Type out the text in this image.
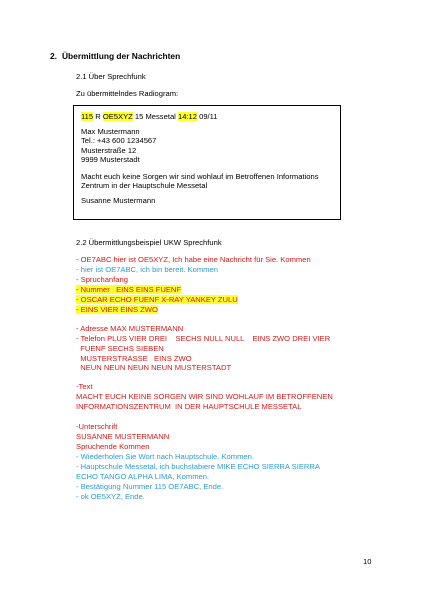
2. Übermittlung der Nachrichten
2.1 Über Sprechfunk
Zu übermittelndes Radiogram:
115 R OE5XYZ 15 Messetal 14:12 09/11
Max Mustermann
Tel.: +43 600 1234567
Musterstraße 12
9999 Musterstadt
Macht euch keine Sorgen wir sind wohlauf im Betroffenen Informations
Zentrum in der Hauptschule Messetal
Susanne Mustermann
2.2 Übermittlungsbeispiel UKW Sprechfunk
- OE7ABC hier ist OE5XYZ, Ich habe eine Nachricht für Sie. Kommen
- hier ist OE7ABC, ich bin bereit. Kommen
- Spruchanfang
- Nummer   EINS EINS FUENF
- OSCAR ECHO FUENF X-RAY YANKEY ZULU
- EINS VIER EINS ZWO
- Adresse MAX MUSTERMANN
- Telefon PLUS VIER DREI    SECHS NULL NULL    EINS ZWO DREI VIER
FUENF SECHS SIEBEN
MUSTERSTRASSE   EINS ZWO
NEUN NEUN NEUN NEUN MUSTERSTADT
-Text
MACHT EUCH KEINE SORGEN WIR SIND WOHLAUF IM BETROFFENEN
INFORMATIONSZENTRUM  IN DER HAUPTSCHULE MESSETAL
-Unterschrift
SUSANNE MUSTERMANN
Spruchende Kommen
- Wiederholen Sie Wort nach Hauptschule. Kommen.
- Hauptschule Messetal, ich buchstabiere MIKE ECHO SIERRA SIERRA
ECHO TANGO ALPHA LIMA, Kommen.
- Bestätigung Nummer 115 OE7ABC, Ende.
- ok OE5XYZ, Ende.
10
